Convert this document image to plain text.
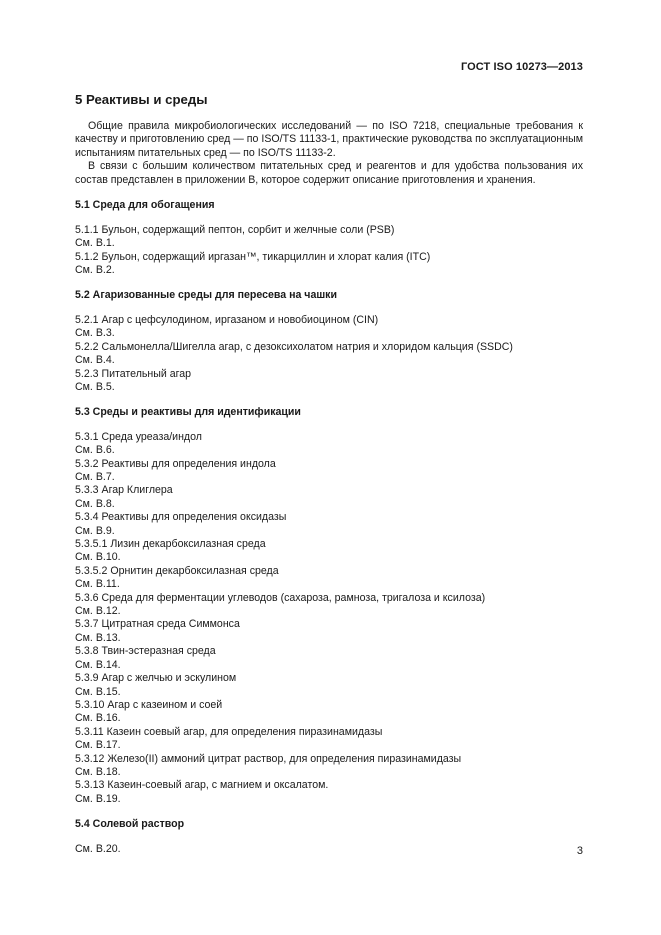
ГОСТ ISO 10273—2013
5 Реактивы и среды

Общие правила микробиологических исследований — по ISO 7218, специальные требования к качеству и приготовлению сред — по ISO/TS 11133-1, практические руководства по эксплуатационным испытаниям питательных сред — по ISO/TS 11133-2.

В связи с большим количеством питательных сред и реагентов и для удобства пользования их состав представлен в приложении В, которое содержит описание приготовления и хранения.

5.1 Среда для обогащения
5.1.1 Бульон, содержащий пептон, сорбит и желчные соли (PSB)
См. В.1.
5.1.2 Бульон, содержащий иргазан™, тикарциллин и хлорат калия (ITC)
См. В.2.
5.2 Агаризованные среды для пересева на чашки
5.2.1 Агар с цефсулодином, иргазаном и новобиоцином (CIN)
См. В.3.
5.2.2 Сальмонелла/Шигелла агар, с дезоксихолатом натрия и хлоридом кальция (SSDC)
См. В.4.
5.2.3 Питательный агар
См. В.5.
5.3 Среды и реактивы для идентификации
5.3.1 Среда уреаза/индол
См. В.6.
5.3.2 Реактивы для определения индола
См. В.7.
5.3.3 Агар Клиглера
См. В.8.
5.3.4 Реактивы для определения оксидазы
См. В.9.
5.3.5.1 Лизин декарбоксилазная среда
См. В.10.
5.3.5.2 Орнитин декарбоксилазная среда
См. В.11.
5.3.6 Среда для ферментации углеводов (сахароза, рамноза, тригалоза и ксилоза)
См. В.12.
5.3.7 Цитратная среда Симмонса
См. В.13.
5.3.8 Твин-эстеразная среда
См. В.14.
5.3.9 Агар с желчью и эскулином
См. В.15.
5.3.10 Агар с казеином и соей
См. В.16.
5.3.11 Казеин соевый агар, для определения пиразинамидазы
См. В.17.
5.3.12 Железо(II) аммоний цитрат раствор, для определения пиразинамидазы
См. В.18.
5.3.13 Казеин-соевый агар, с магнием и оксалатом.
См. В.19.
5.4 Солевой раствор
См. В.20.	3
